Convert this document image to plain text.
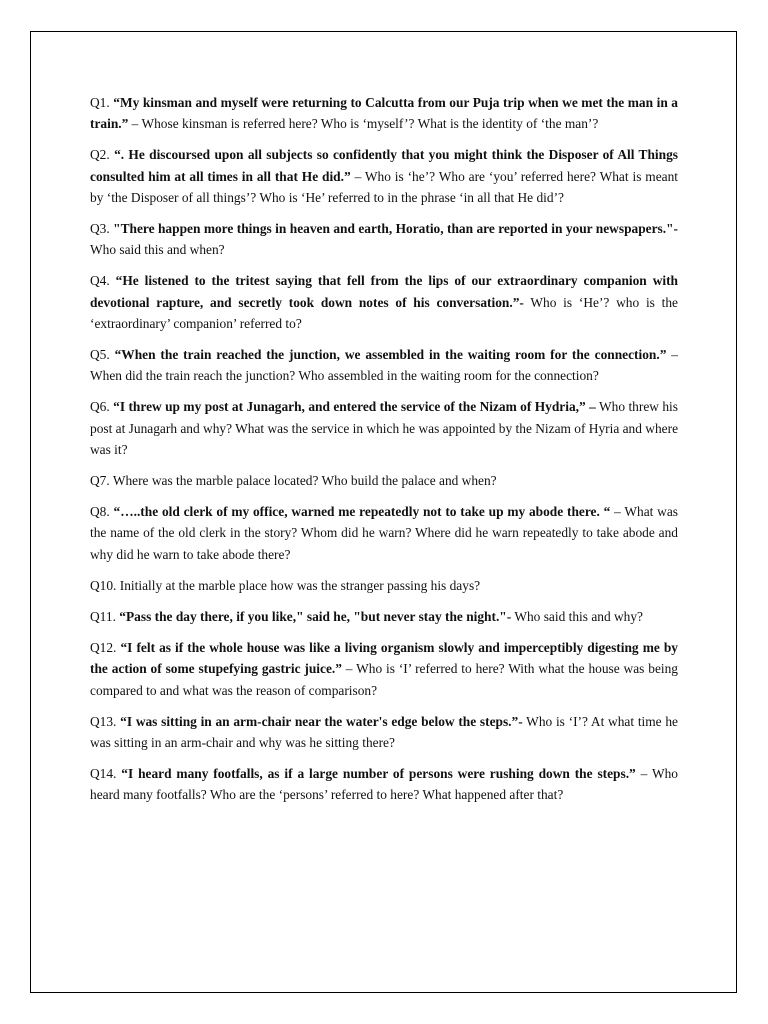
Q1. “My kinsman and myself were returning to Calcutta from our Puja trip when we met the man in a train.” – Whose kinsman is referred here? Who is ‘myself’? What is the identity of ‘the man’?

Q2. “. He discoursed upon all subjects so confidently that you might think the Disposer of All Things consulted him at all times in all that He did.” – Who is ‘he’? Who are ‘you’ referred here? What is meant by ‘the Disposer of all things’? Who is ‘He’ referred to in the phrase ‘in all that He did’?

Q3. "There happen more things in heaven and earth, Horatio, than are reported in your newspapers."- Who said this and when?

Q4. “He listened to the tritest saying that fell from the lips of our extraordinary companion with devotional rapture, and secretly took down notes of his conversation.”- Who is ‘He’? who is the ‘extraordinary’ companion’ referred to?

Q5. “When the train reached the junction, we assembled in the waiting room for the connection.” – When did the train reach the junction? Who assembled in the waiting room for the connection?

Q6. “I threw up my post at Junagarh, and entered the service of the Nizam of Hydria,” – Who threw his post at Junagarh and why? What was the service in which he was appointed by the Nizam of Hyria and where was it?

Q7. Where was the marble palace located? Who build the palace and when?

Q8. “…..the old clerk of my office, warned me repeatedly not to take up my abode there. “ – What was the name of the old clerk in the story? Whom did he warn? Where did he warn repeatedly to take abode and why did he warn to take abode there?

Q10. Initially at the marble place how was the stranger passing his days?

Q11. “Pass the day there, if you like," said he, "but never stay the night."- Who said this and why?

Q12. “I felt as if the whole house was like a living organism slowly and imperceptibly digesting me by the action of some stupefying gastric juice.” – Who is ‘I’ referred to here? With what the house was being compared to and what was the reason of comparison?

Q13. “I was sitting in an arm-chair near the water's edge below the steps.”- Who is ‘I’? At what time he was sitting in an arm-chair and why was he sitting there?

Q14. “I heard many footfalls, as if a large number of persons were rushing down the steps.” – Who heard many footfalls? Who are the ‘persons’ referred to here? What happened after that?
